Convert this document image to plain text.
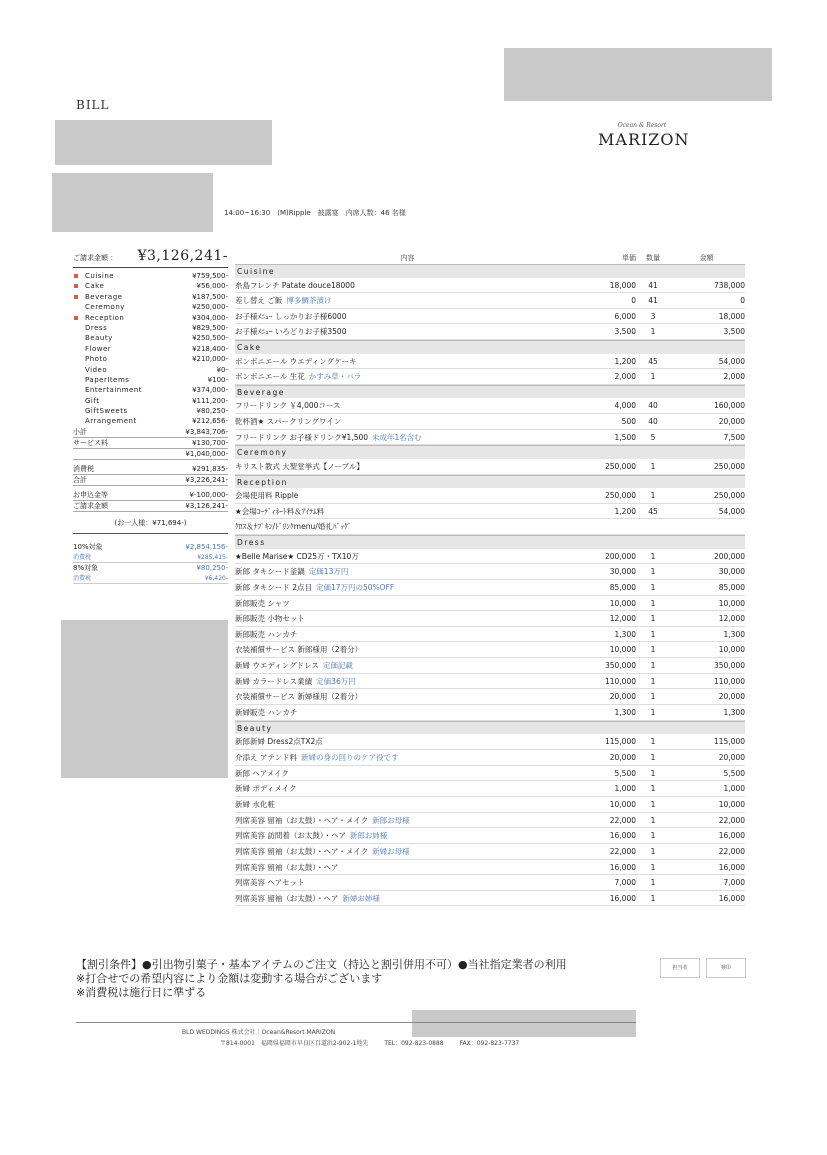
BILL
Ocean & Resort
MARIZON
14:00~16:30　(M)Ripple　披露宴　内席人数：46 名様
ご請求金額 ： ¥3,126,241-
Cuisine	¥759,500-
Cake	¥56,000-
Beverage	¥187,500-
Ceremony	¥250,000-
Reception	¥304,000-
Dress	¥829,500-
Beauty	¥250,500-
Flower	¥218,400-
Photo	¥210,000-
Video	¥0-
PaperItems	¥100-
Entertainment	¥374,000-
Gift	¥111,200-
GiftSweets	¥80,250-
Arrangement	¥212,656-
小計	¥3,843,706-
サービス料	¥130,700-
¥1,040,000-
消費税	¥291,835-
合計	¥3,226,241-
お申込金等	¥-100,000-
ご請求金額	¥3,126,241-
(お一人様：¥71,694-)
10%対象	¥2,854,156-
消費税	¥285,415-
8%対象	¥80,250-
消費税	¥6,420-
内容	単価	数量	金額
Cuisine
糸島フレンチ Patate douce18000	18,000	41	738,000
差し替え ご飯 博多鯛茶漬け	0	41	0
お子様ﾒﾆｭｰ しっかりお子様6000	6,000	3	18,000
お子様ﾒﾆｭｰ いろどりお子様3500	3,500	1	3,500
Cake
ボンボニエール ウエディングケーキ	1,200	45	54,000
ボンボニエール 生花 かすみ草・バラ	2,000	1	2,000
Beverage
フリードリンク ￥4,000コース	4,000	40	160,000
乾杯酒★ スパークリングワイン	500	40	20,000
フリードリンク お子様ドリンク¥1,500 未成年1名含む	1,500	5	7,500
Ceremony
キリスト教式 大聖堂挙式【ノーブル】	250,000	1	250,000
Reception
会場使用料 Ripple	250,000	1	250,000
★会場ｺｰﾃﾞｨﾈｰﾄ料＆ｱｲﾃﾑ料	1,200	45	54,000
ｸﾛｽ＆ﾅﾌﾟｷﾝ/ﾄﾞﾘﾝｸmenu/婚礼ﾊﾞｯｸﾞ
Dress
★Belle Marise★ CD25万・TX10万	200,000	1	200,000
新郎 タキシード釜鍋 定価13万円	30,000	1	30,000
新郎 タキシード 2点目 定価17万円の50%OFF	85,000	1	85,000
新郎販売 シャツ	10,000	1	10,000
新郎販売 小物セット	12,000	1	12,000
新郎販売 ハンカチ	1,300	1	1,300
衣装補償サービス 新郎様用（2着分）	10,000	1	10,000
新婦 ウエディングドレス 定価記載	350,000	1	350,000
新婦 カラードレス業績 定価36万円	110,000	1	110,000
衣装補償サービス 新婦様用（2着分）	20,000	1	20,000
新婦販売 ハンカチ	1,300	1	1,300
Beauty
新郎新婦 Dress2点TX2点	115,000	1	115,000
介添え アテンド料 新婦の身の回りのケア役です	20,000	1	20,000
新郎 ヘアメイク	5,500	1	5,500
新婦 ボディメイク	1,000	1	1,000
新婦 水化粧	10,000	1	10,000
列席美容 留袖（お太鼓）・ヘア・メイク 新郎お母様	22,000	1	22,000
列席美容 訪問着（お太鼓）・ヘア 新郎お姉様	16,000	1	16,000
列席美容 留袖（お太鼓）・ヘア・メイク 新婦お母様	22,000	1	22,000
列席美容 留袖（お太鼓）・ヘア	16,000	1	16,000
列席美容 ヘアセット	7,000	1	7,000
列席美容 留袖（お太鼓）・ヘア 新婦お姉様	16,000	1	16,000
【割引条件】●引出物引菓子・基本アイテムのご注文（持込と割引併用不可）●当社指定業者の利用
※打合せでの希望内容により金額は変動する場合がございます
※消費税は施行日に準ずる
担当者	検印
BLD WEDDINGS 株式会社｜Ocean&Resort MARIZON
〒814-0001　福岡県福岡市早良区百道浜2-902-1地先	TEL：092-823-0888	FAX：092-823-7737
